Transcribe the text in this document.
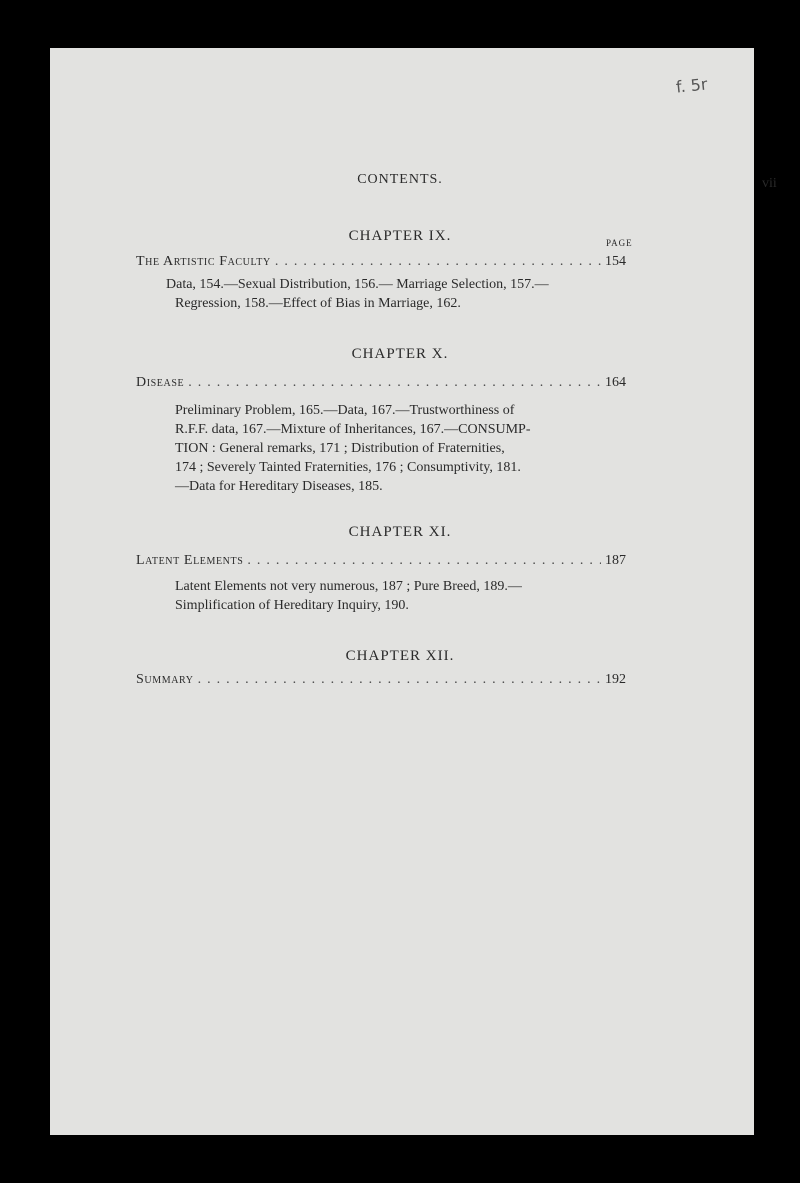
f. 5r
CONTENTS.	vii
CHAPTER IX.	PAGE
The Artistic Faculty .....	154

Data, 154.—Sexual Distribution, 156.— Marriage Selection, 157.—

Regression, 158.—Effect of Bias in Marriage, 162.

CHAPTER X.
Disease .....	164

Preliminary Problem, 165.—Data, 167.—Trustworthiness of

R.F.F. data, 167.—Mixture of Inheritances, 167.—CONSUMP-

TION : General remarks, 171 ; Distribution of Fraternities,

174 ; Severely Tainted Fraternities, 176 ; Consumptivity, 181.

—Data for Hereditary Diseases, 185.

CHAPTER XI.
Latent Elements .....	187

Latent Elements not very numerous, 187 ; Pure Breed, 189.—

Simplification of Hereditary Inquiry, 190.

CHAPTER XII.
Summary .....	192
